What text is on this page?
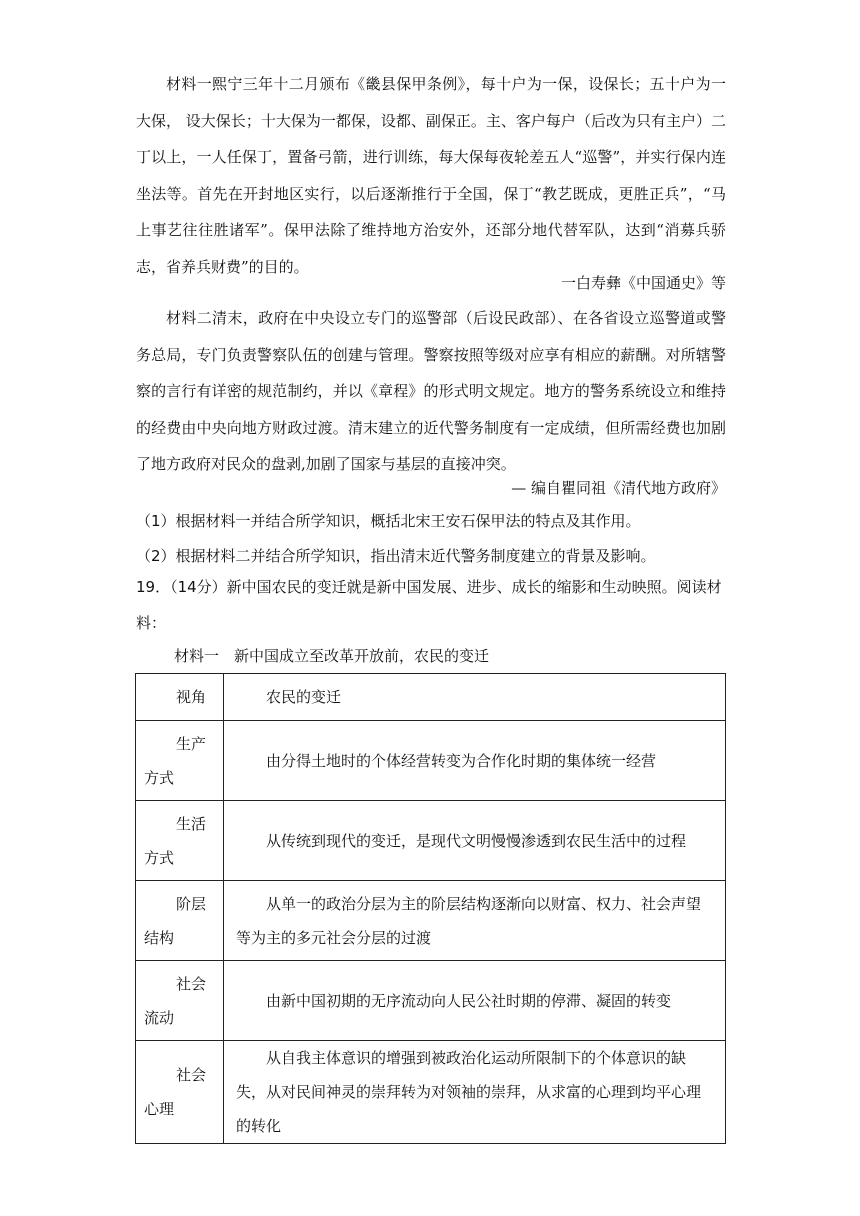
材料一熙宁三年十二月颁布《畿县保甲条例》，每十户为一保，设保长；五十户为一大保， 设大保长；十大保为一都保，设都、副保正。主、客户每户（后改为只有主户）二丁以上，一人任保丁，置备弓箭，进行训练，每大保每夜轮差五人“巡警”，并实行保内连坐法等。首先在开封地区实行，以后逐渐推行于全国，保丁“教艺既成，更胜正兵”，“马上事艺往往胜诸军”。保甲法除了维持地方治安外，还部分地代替军队，达到“消募兵骄志，省养兵财费”的目的。

一白寿彝《中国通史》等

材料二清末，政府在中央设立专门的巡警部（后设民政部）、在各省设立巡警道或警务总局，专门负责警察队伍的创建与管理。警察按照等级对应享有相应的薪酬。对所辖警察的言行有详密的规范制约，并以《章程》的形式明文规定。地方的警务系统设立和维持的经费由中央向地方财政过渡。清末建立的近代警务制度有一定成绩，但所需经费也加剧了地方政府对民众的盘剥,加剧了国家与基层的直接冲突。

— 编自瞿同祖《清代地方政府》

（1）根据材料一并结合所学知识，概括北宋王安石保甲法的特点及其作用。

（2）根据材料二并结合所学知识，指出清末近代警务制度建立的背景及影响。

19．（14分）新中国农民的变迁就是新中国发展、进步、成长的缩影和生动映照。阅读材料：

材料一　新中国成立至改革开放前，农民的变迁

视角	农民的变迁

生产
方式	由分得土地时的个体经营转变为合作化时期的集体统一经营

生活
方式	从传统到现代的变迁，是现代文明慢慢渗透到农民生活中的过程

阶层
结构	从单一的政治分层为主的阶层结构逐渐向以财富、权力、社会声望等为主的多元社会分层的过渡

社会
流动	由新中国初期的无序流动向人民公社时期的停滞、凝固的转变

社会
心理	从自我主体意识的增强到被政治化运动所限制下的个体意识的缺失，从对民间神灵的崇拜转为对领袖的崇拜，从求富的心理到均平心理的转化
